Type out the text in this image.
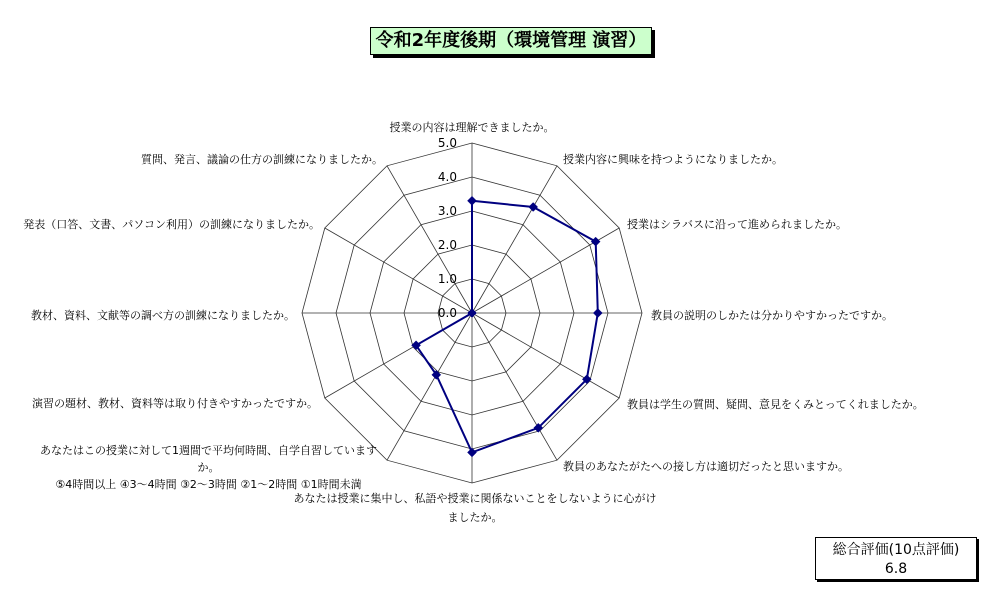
令和2年度後期（環境管理 演習）
0.0
1.0
2.0
3.0
4.0
5.0
授業の内容は理解できましたか。
授業内容に興味を持つようになりましたか。
授業はシラバスに沿って進められましたか。
教員の説明のしかたは分かりやすかったですか。
教員は学生の質問、疑問、意見をくみとってくれましたか。
教員のあなたがたへの接し方は適切だったと思いますか。
あなたは授業に集中し、私語や授業に関係ないことをしないように心がけましたか。
あなたはこの授業に対して1週間で平均何時間、自学自習していますか。
⑤4時間以上 ④3～4時間 ③2～3時間 ②1～2時間 ①1時間未満
演習の題材、教材、資料等は取り付きやすかったですか。
教材、資料、文献等の調べ方の訓練になりましたか。
発表（口答、文書、パソコン利用）の訓練になりましたか。
質問、発言、議論の仕方の訓練になりましたか。
総合評価(10点評価)
6.8
